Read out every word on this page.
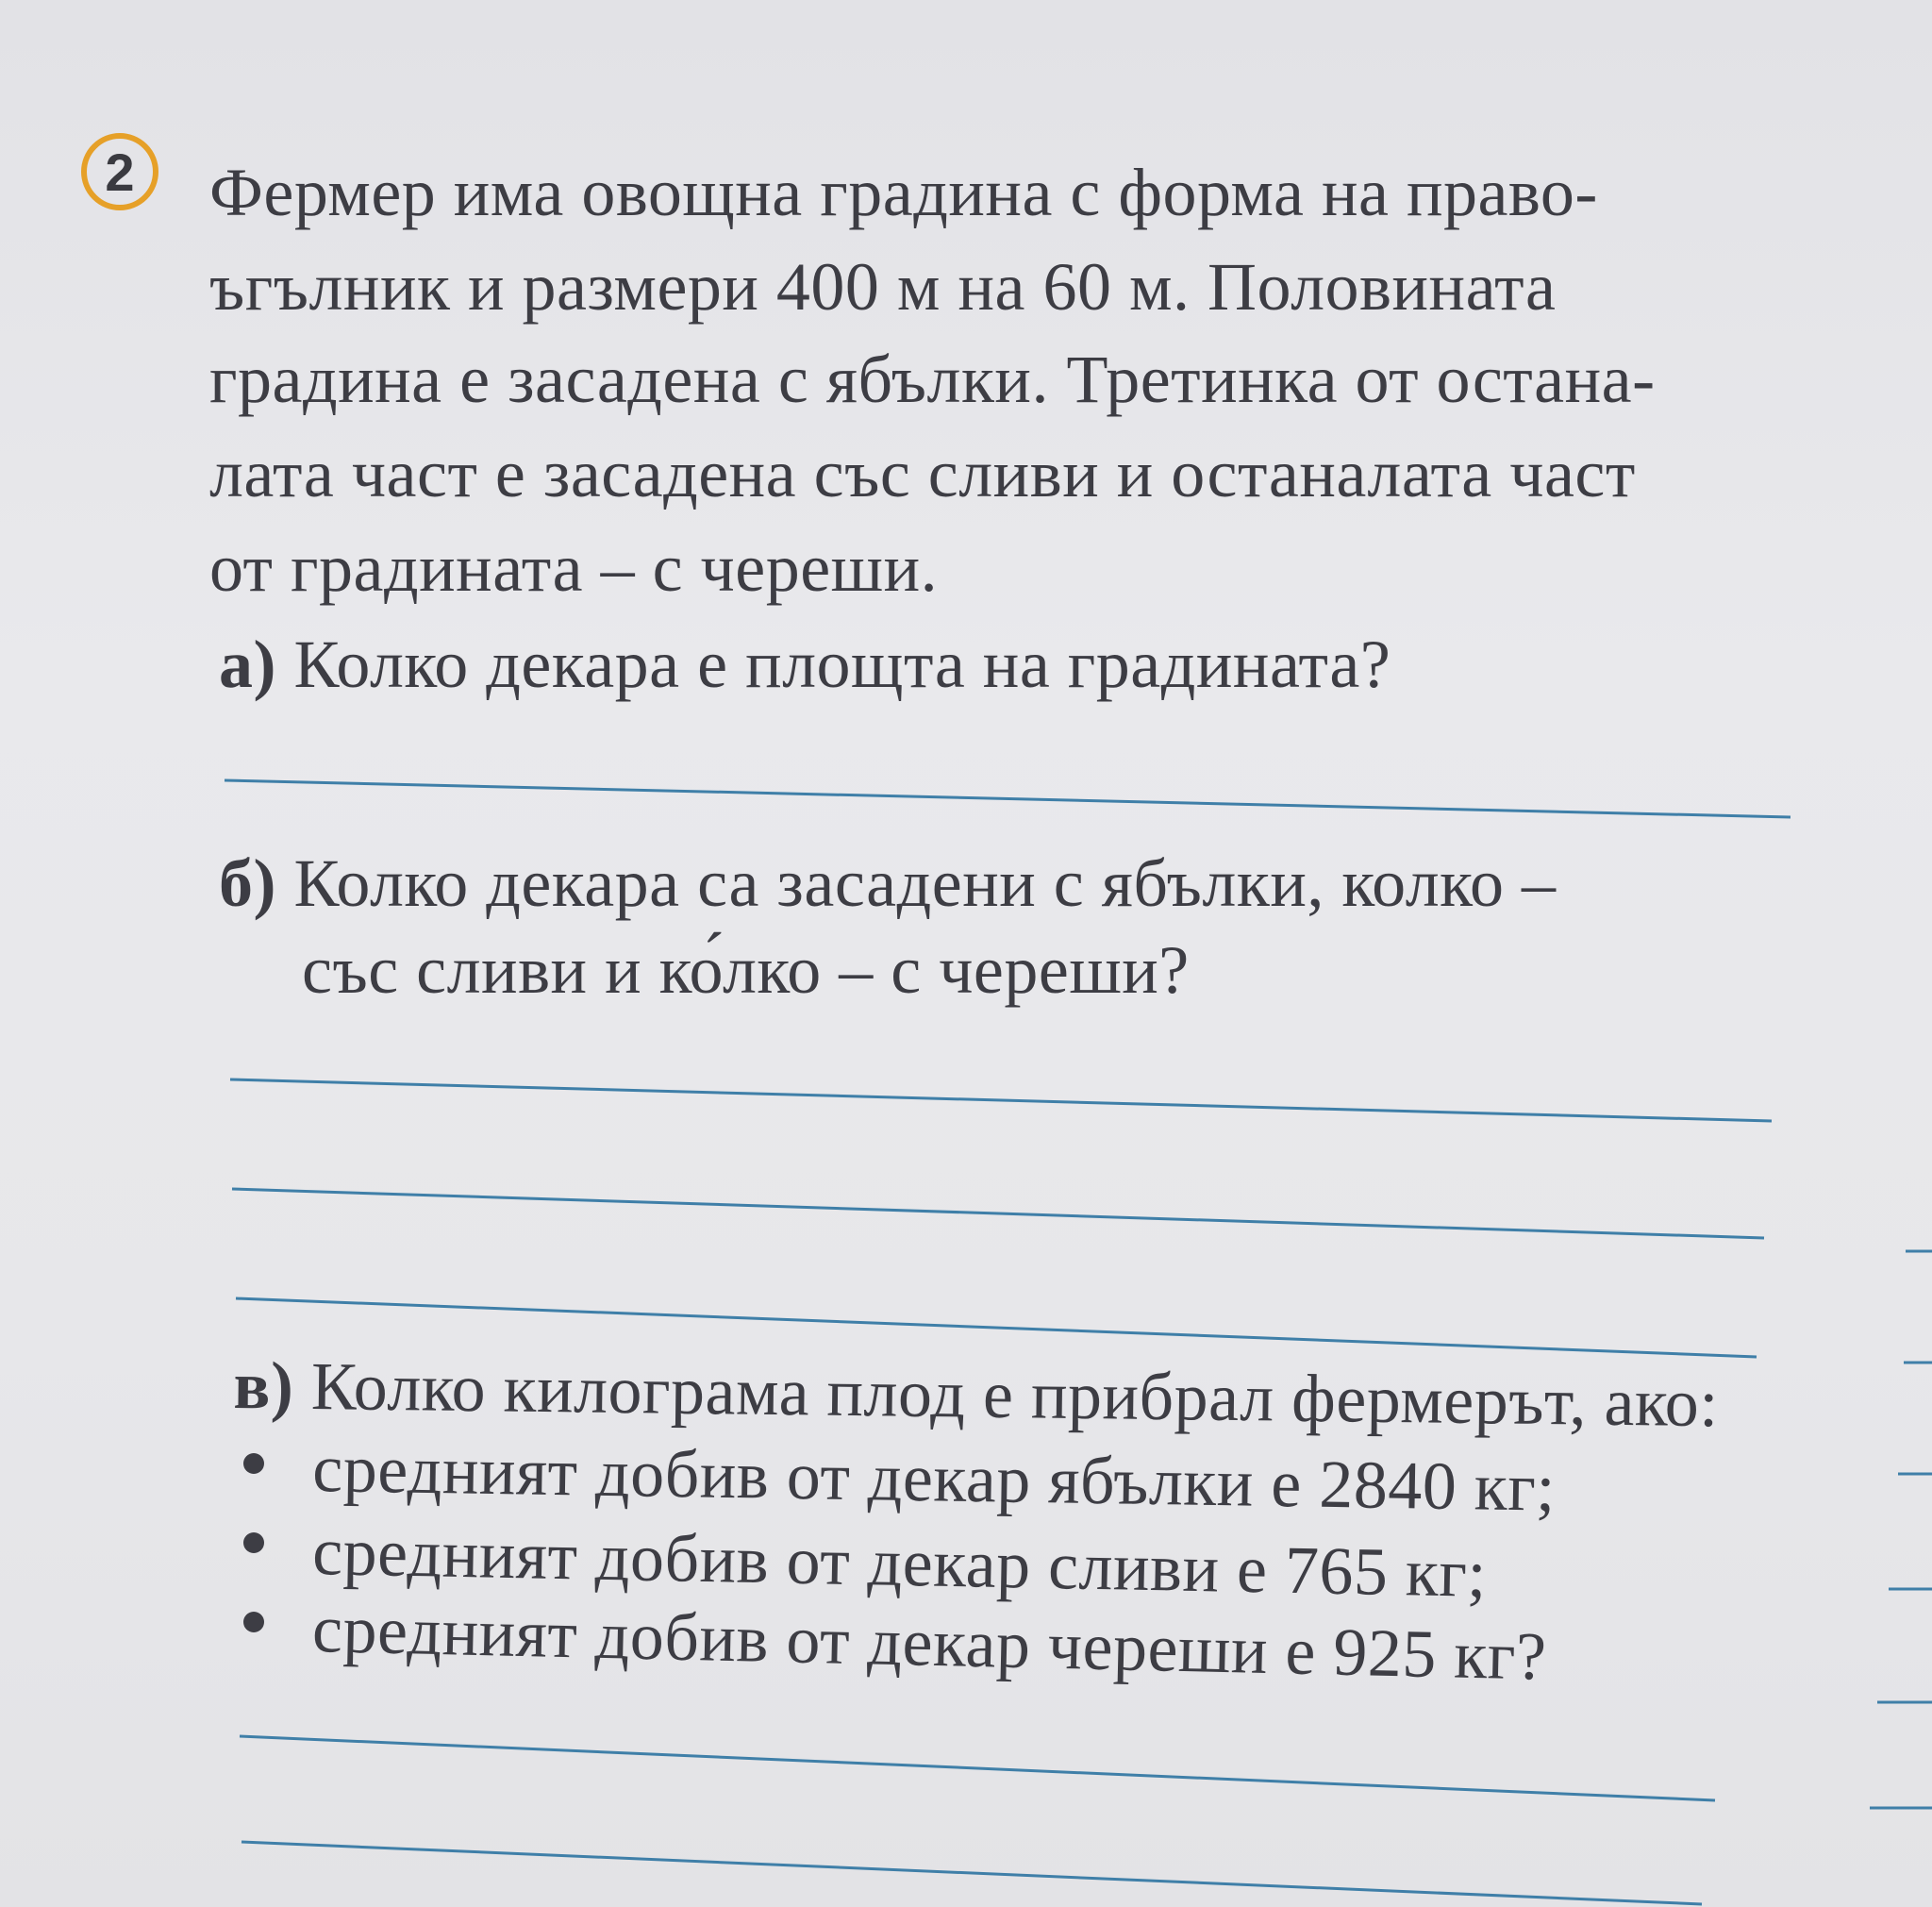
2 Фермер има овощна градина с форма на право-
ъгълник и размери 400 м на 60 м. Половината
градина е засадена с ябълки. Третинка от остана-
лата част е засадена със сливи и останалата част
от градината – с череши.
а) Колко декара е площта на градината?
б) Колко декара са засадени с ябълки, колко –
със сливи и ко́лко – с череши?
в) Колко килограма плод е прибрал фермерът, ако:
средният добив от декар ябълки е 2840 кг;
средният добив от декар сливи е 765 кг;
средният добив от декар череши е 925 кг?
